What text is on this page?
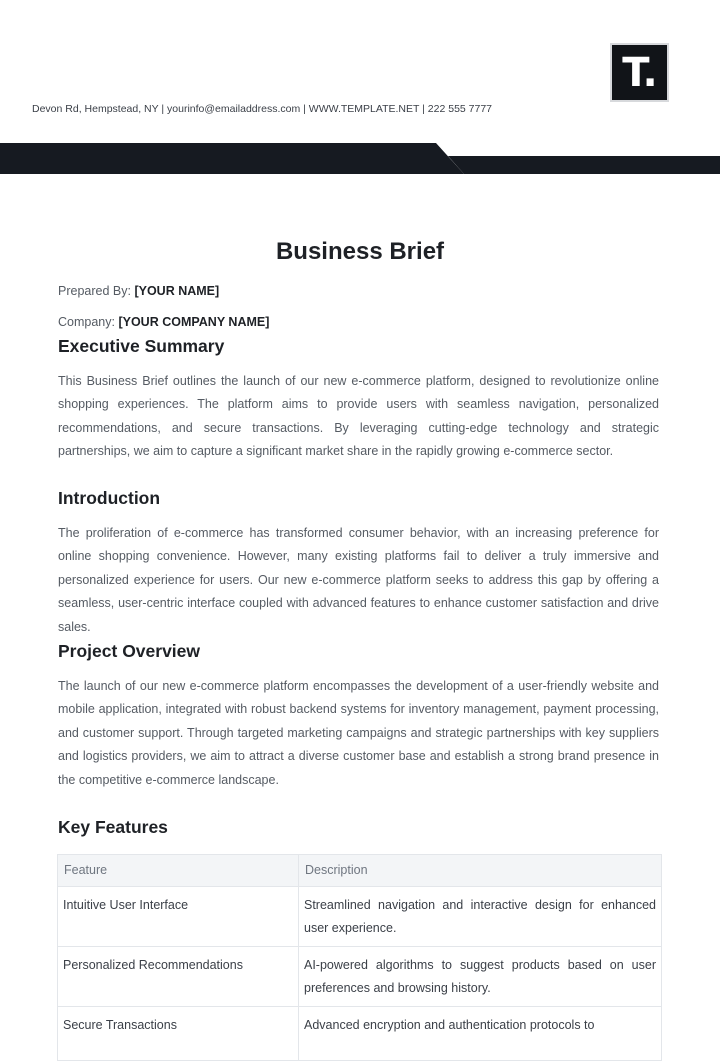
T.
Devon Rd, Hempstead, NY | yourinfo@emailaddress.com | WWW.TEMPLATE.NET | 222 555 7777
Business Brief
Prepared By: [YOUR NAME]
Company: [YOUR COMPANY NAME]
Executive Summary
This Business Brief outlines the launch of our new e-commerce platform, designed to revolutionize online shopping experiences. The platform aims to provide users with seamless navigation, personalized recommendations, and secure transactions. By leveraging cutting-edge technology and strategic partnerships, we aim to capture a significant market share in the rapidly growing e-commerce sector.
Introduction
The proliferation of e-commerce has transformed consumer behavior, with an increasing preference for online shopping convenience. However, many existing platforms fail to deliver a truly immersive and personalized experience for users. Our new e-commerce platform seeks to address this gap by offering a seamless, user-centric interface coupled with advanced features to enhance customer satisfaction and drive sales.
Project Overview
The launch of our new e-commerce platform encompasses the development of a user-friendly website and mobile application, integrated with robust backend systems for inventory management, payment processing, and customer support. Through targeted marketing campaigns and strategic partnerships with key suppliers and logistics providers, we aim to attract a diverse customer base and establish a strong brand presence in the competitive e-commerce landscape.
Key Features
Feature	Description
Intuitive User Interface	Streamlined navigation and interactive design for enhanced user experience.
Personalized Recommendations	AI-powered algorithms to suggest products based on user preferences and browsing history.
Secure Transactions	Advanced encryption and authentication protocols to
